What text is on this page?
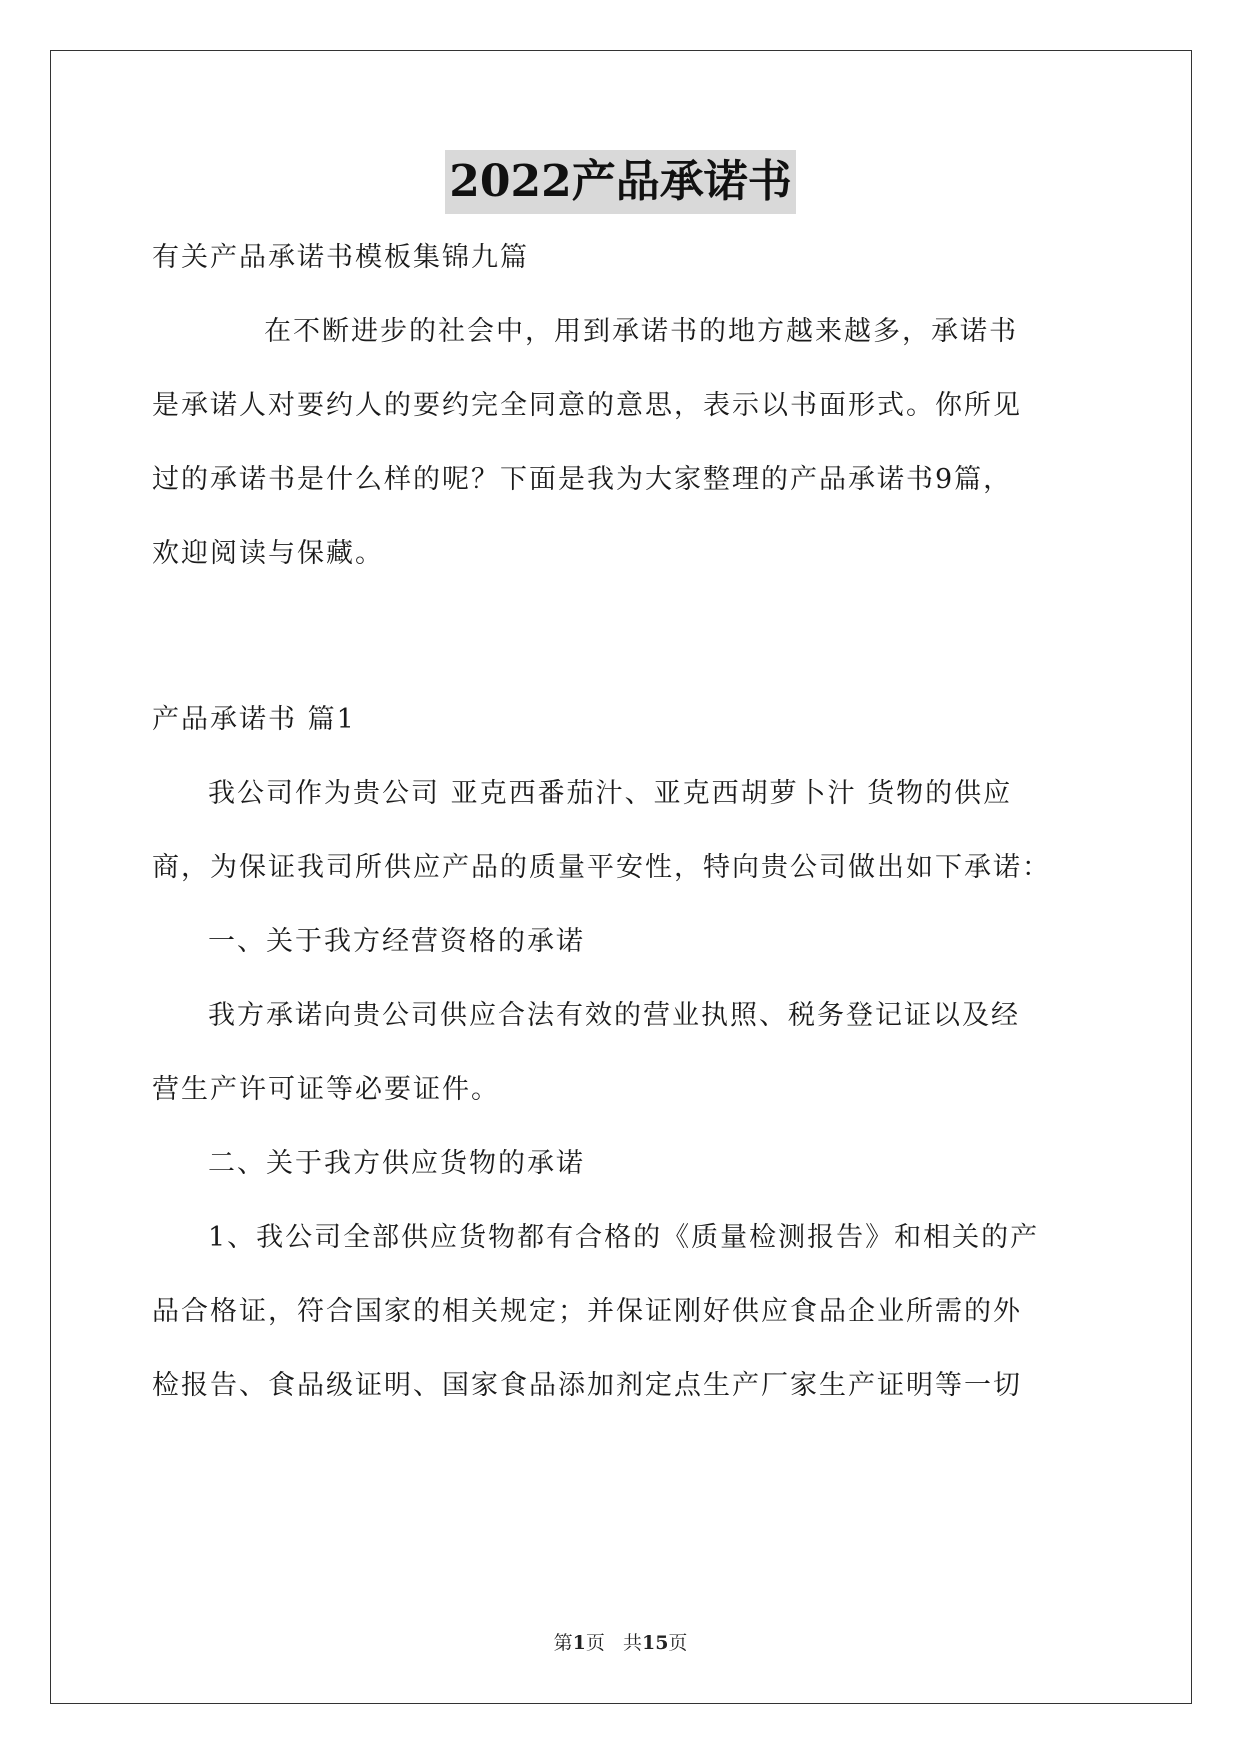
2022产品承诺书
有关产品承诺书模板集锦九篇
在不断进步的社会中，用到承诺书的地方越来越多，承诺书
是承诺人对要约人的要约完全同意的意思，表示以书面形式。你所见
过的承诺书是什么样的呢？下面是我为大家整理的产品承诺书9篇，
欢迎阅读与保藏。
产品承诺书 篇1
我公司作为贵公司 亚克西番茄汁、亚克西胡萝卜汁 货物的供应
商，为保证我司所供应产品的质量平安性，特向贵公司做出如下承诺：
一、关于我方经营资格的承诺
我方承诺向贵公司供应合法有效的营业执照、税务登记证以及经
营生产许可证等必要证件。
二、关于我方供应货物的承诺
1、我公司全部供应货物都有合格的《质量检测报告》和相关的产
品合格证，符合国家的相关规定；并保证刚好供应食品企业所需的外
检报告、食品级证明、国家食品添加剂定点生产厂家生产证明等一切
第1页 共15页
